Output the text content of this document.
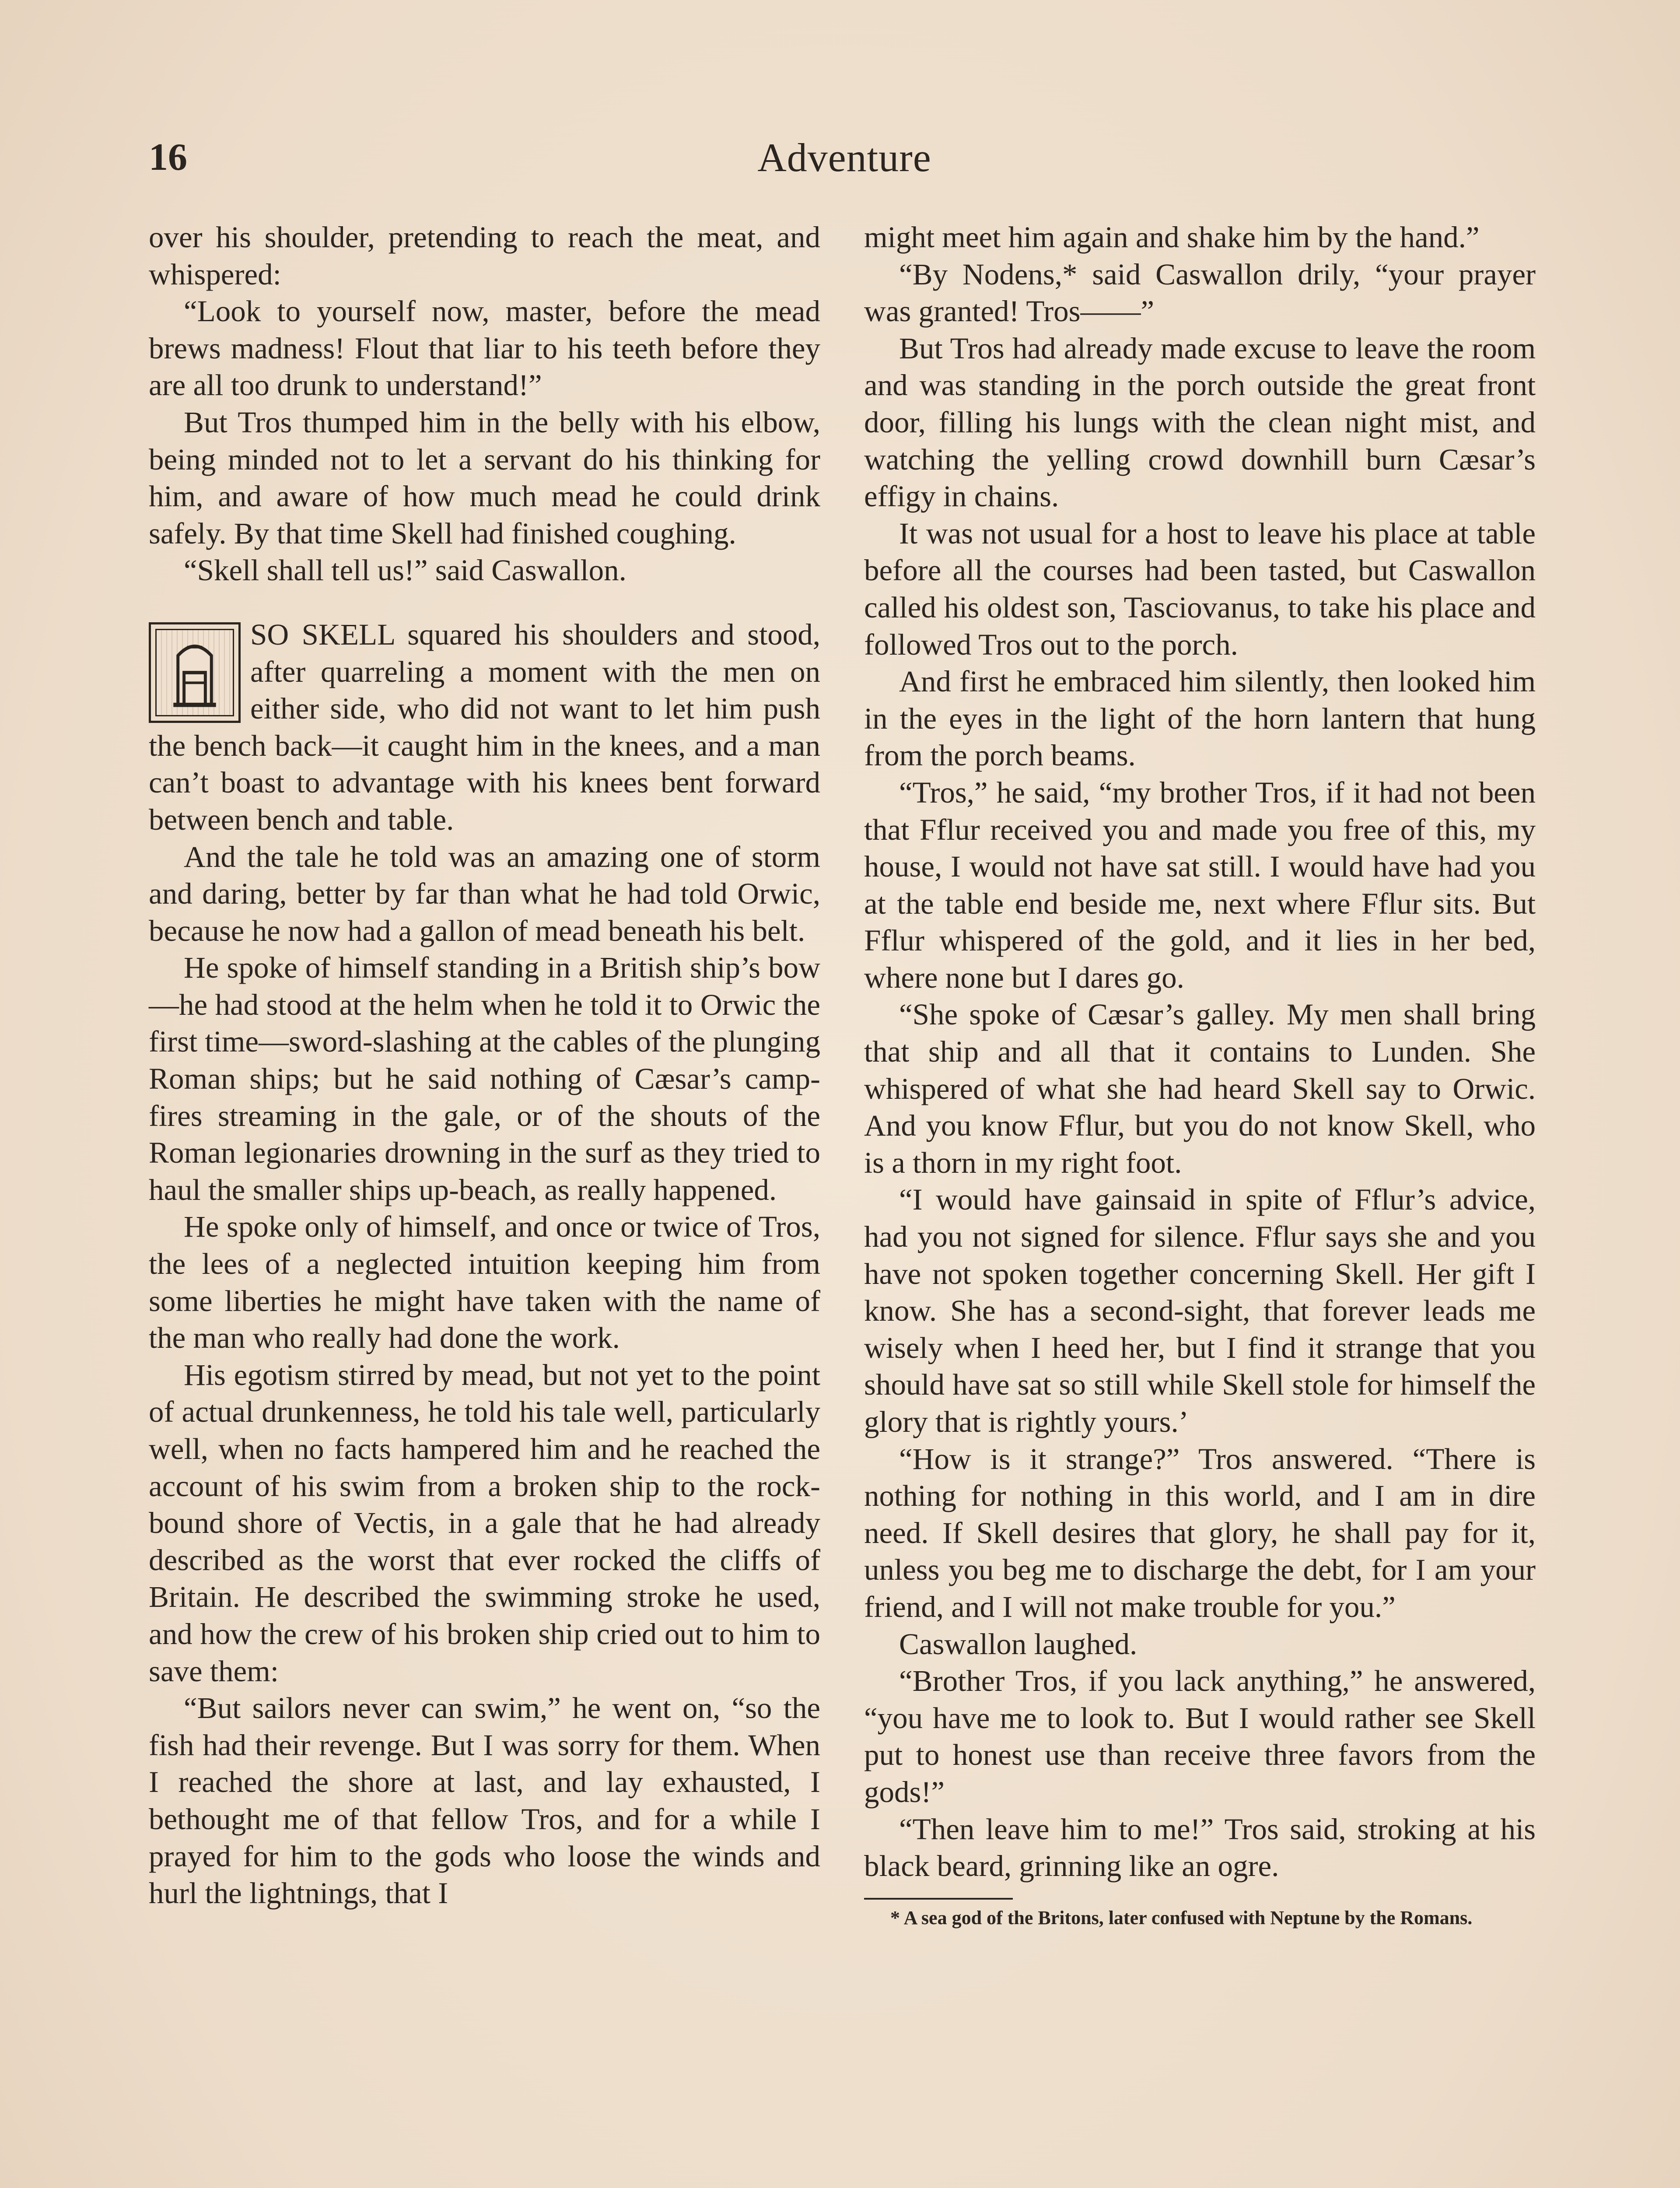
16	Adventure

over his shoulder, pretending to reach the meat, and whispered:

“Look to yourself now, master, before the mead brews madness! Flout that liar to his teeth before they are all too drunk to understand!”

But Tros thumped him in the belly with his elbow, being minded not to let a servant do his thinking for him, and aware of how much mead he could drink safely. By that time Skell had finished coughing.

“Skell shall tell us!” said Caswallon.

SO SKELL squared his shoulders and stood, after quarreling a moment with the men on either side, who did not want to let him push the bench back—it caught him in the knees, and a man can’t boast to advantage with his knees bent forward between bench and table.

And the tale he told was an amazing one of storm and daring, better by far than what he had told Orwic, because he now had a gallon of mead beneath his belt.

He spoke of himself standing in a British ship’s bow—he had stood at the helm when he told it to Orwic the first time—sword-slashing at the cables of the plunging Roman ships; but he said nothing of Cæsar’s camp-fires streaming in the gale, or of the shouts of the Roman legionaries drowning in the surf as they tried to haul the smaller ships up-beach, as really happened.

He spoke only of himself, and once or twice of Tros, the lees of a neglected intuition keeping him from some liberties he might have taken with the name of the man who really had done the work.

His egotism stirred by mead, but not yet to the point of actual drunkenness, he told his tale well, particularly well, when no facts hampered him and he reached the account of his swim from a broken ship to the rock-bound shore of Vectis, in a gale that he had already described as the worst that ever rocked the cliffs of Britain. He described the swimming stroke he used, and how the crew of his broken ship cried out to him to save them:

“But sailors never can swim,” he went on, “so the fish had their revenge. But I was sorry for them. When I reached the shore at last, and lay exhausted, I bethought me of that fellow Tros, and for a while I prayed for him to the gods who loose the winds and hurl the lightnings, that I

might meet him again and shake him by the hand.”

“By Nodens,* said Caswallon drily, “your prayer was granted! Tros——”

But Tros had already made excuse to leave the room and was standing in the porch outside the great front door, filling his lungs with the clean night mist, and watching the yelling crowd downhill burn Cæsar’s effigy in chains.

It was not usual for a host to leave his place at table before all the courses had been tasted, but Caswallon called his oldest son, Tasciovanus, to take his place and followed Tros out to the porch.

And first he embraced him silently, then looked him in the eyes in the light of the horn lantern that hung from the porch beams.

“Tros,” he said, “my brother Tros, if it had not been that Fflur received you and made you free of this, my house, I would not have sat still. I would have had you at the table end beside me, next where Fflur sits. But Fflur whispered of the gold, and it lies in her bed, where none but I dares go.

“She spoke of Cæsar’s galley. My men shall bring that ship and all that it contains to Lunden. She whispered of what she had heard Skell say to Orwic. And you know Fflur, but you do not know Skell, who is a thorn in my right foot.

“I would have gainsaid in spite of Fflur’s advice, had you not signed for silence. Fflur says she and you have not spoken together concerning Skell. Her gift I know. She has a second-sight, that forever leads me wisely when I heed her, but I find it strange that you should have sat so still while Skell stole for himself the glory that is rightly yours.’

“How is it strange?” Tros answered. “There is nothing for nothing in this world, and I am in dire need. If Skell desires that glory, he shall pay for it, unless you beg me to discharge the debt, for I am your friend, and I will not make trouble for you.”

Caswallon laughed.

“Brother Tros, if you lack anything,” he answered, “you have me to look to. But I would rather see Skell put to honest use than receive three favors from the gods!”

“Then leave him to me!” Tros said, stroking at his black beard, grinning like an ogre.

* A sea god of the Britons, later confused with Neptune by the Romans.
